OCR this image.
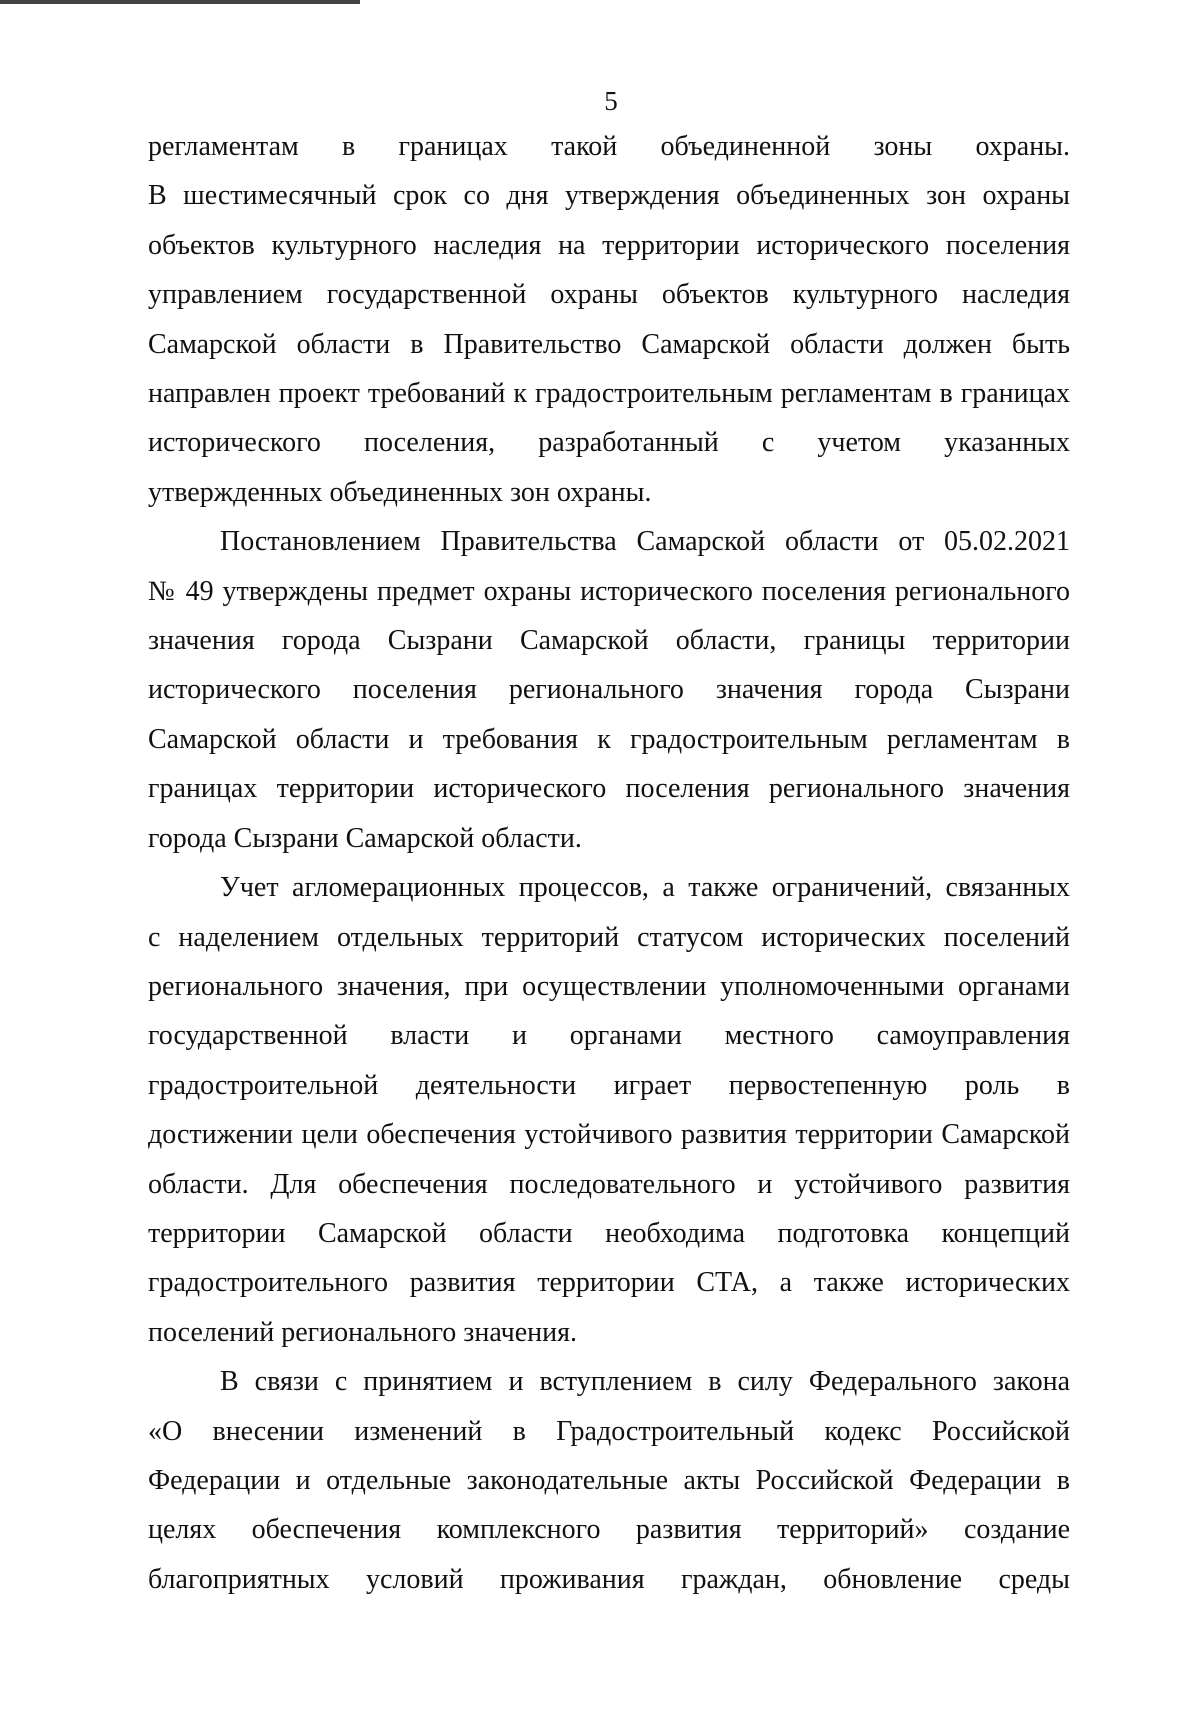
5
регламентам в границах такой объединенной зоны охраны.
В шестимесячный срок со дня утверждения объединенных зон охраны
объектов культурного наследия на территории исторического поселения
управлением государственной охраны объектов культурного наследия
Самарской области в Правительство Самарской области должен быть
направлен проект требований к градостроительным регламентам в границах
исторического поселения, разработанный с учетом указанных
утвержденных объединенных зон охраны.
Постановлением Правительства Самарской области от 05.02.2021
№ 49 утверждены предмет охраны исторического поселения регионального
значения города Сызрани Самарской области, границы территории
исторического поселения регионального значения города Сызрани
Самарской области и требования к градостроительным регламентам в
границах территории исторического поселения регионального значения
города Сызрани Самарской области.
Учет агломерационных процессов, а также ограничений, связанных
с наделением отдельных территорий статусом исторических поселений
регионального значения, при осуществлении уполномоченными органами
государственной власти и органами местного самоуправления
градостроительной деятельности играет первостепенную роль в
достижении цели обеспечения устойчивого развития территории Самарской
области. Для обеспечения последовательного и устойчивого развития
территории Самарской области необходима подготовка концепций
градостроительного развития территории СТА, а также исторических
поселений регионального значения.
В связи с принятием и вступлением в силу Федерального закона
«О внесении изменений в Градостроительный кодекс Российской
Федерации и отдельные законодательные акты Российской Федерации в
целях обеспечения комплексного развития территорий» создание
благоприятных условий проживания граждан, обновление среды
